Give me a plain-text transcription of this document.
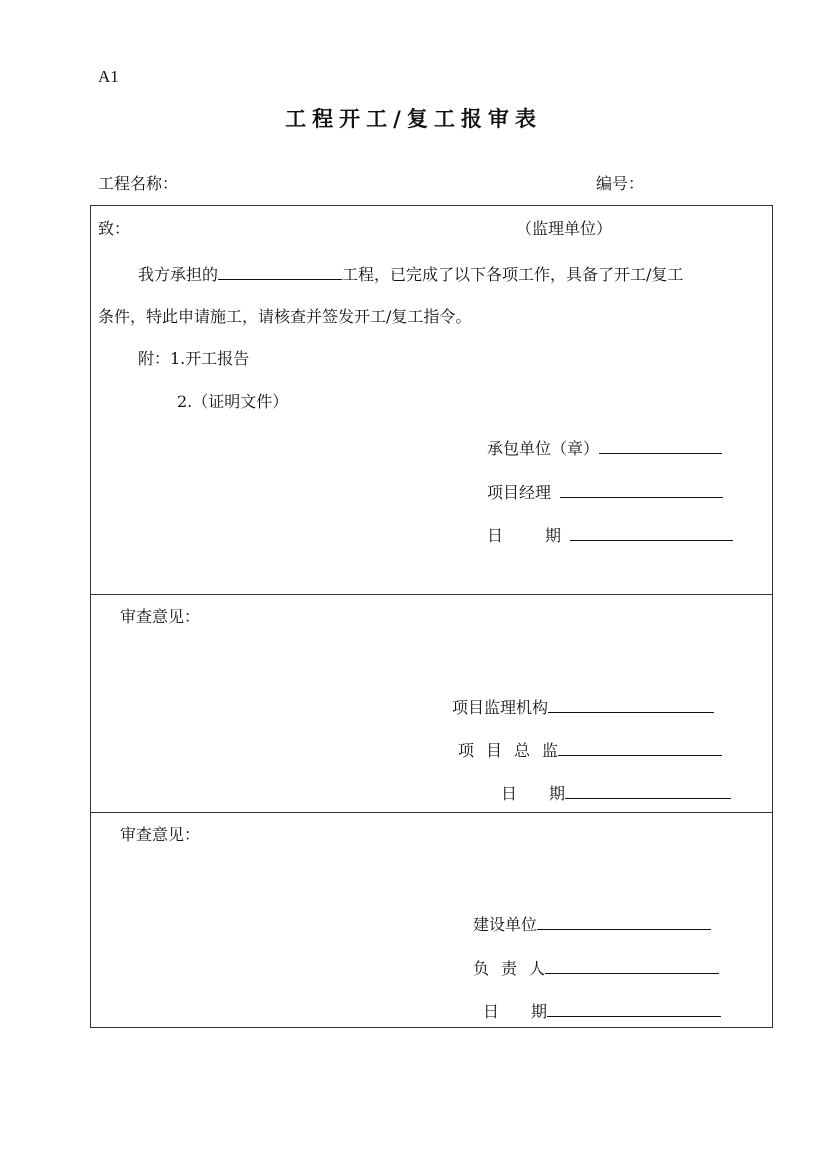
A1
工程开工/复工报审表
工程名称：	编号：
致：	（监理单位）
我方承担的	工程，已完成了以下各项工作，具备了开工/复工
条件，特此申请施工，请核查并签发开工/复工指令。
附：1.开工报告
2.（证明文件）
承包单位（章）
项目经理
日	期
审查意见：
项目监理机构
项 目 总 监
日 期
审查意见：
建设单位
负 责 人
日 期
